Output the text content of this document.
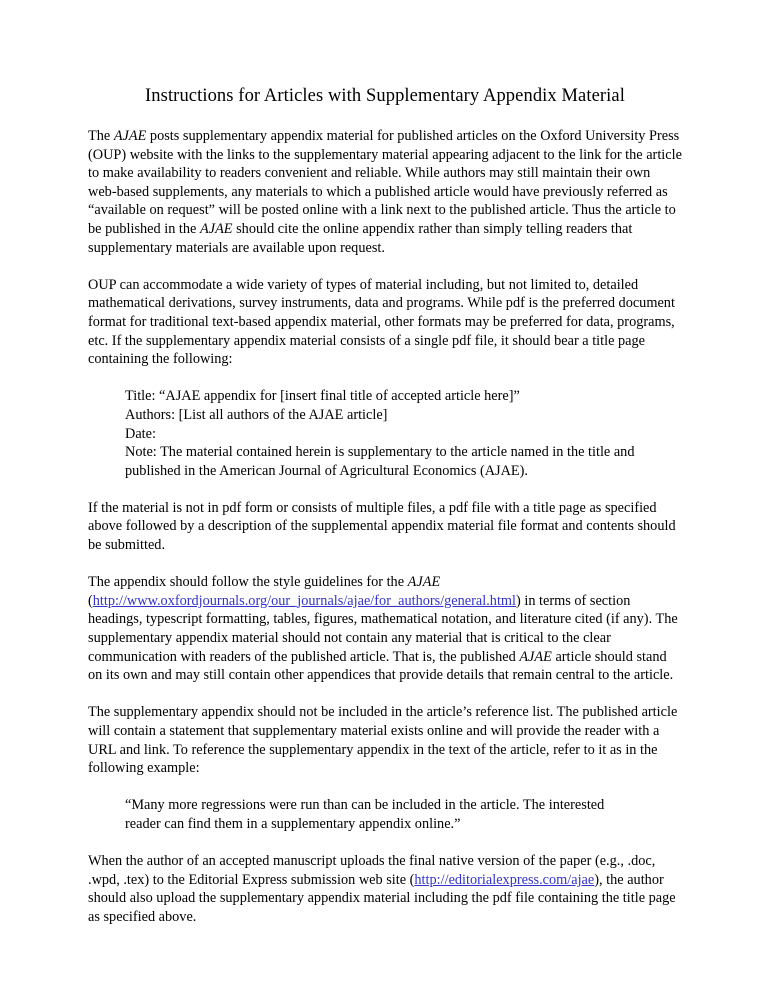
Instructions for Articles with Supplementary Appendix Material

The AJAE posts supplementary appendix material for published articles on the Oxford University Press (OUP) website with the links to the supplementary material appearing adjacent to the link for the article to make availability to readers convenient and reliable. While authors may still maintain their own web-based supplements, any materials to which a published article would have previously referred as “available on request” will be posted online with a link next to the published article. Thus the article to be published in the AJAE should cite the online appendix rather than simply telling readers that supplementary materials are available upon request.

OUP can accommodate a wide variety of types of material including, but not limited to, detailed mathematical derivations, survey instruments, data and programs. While pdf is the preferred document format for traditional text-based appendix material, other formats may be preferred for data, programs, etc. If the supplementary appendix material consists of a single pdf file, it should bear a title page containing the following:

Title: “AJAE appendix for [insert final title of accepted article here]”
Authors: [List all authors of the AJAE article]
Date:
Note: The material contained herein is supplementary to the article named in the title and published in the American Journal of Agricultural Economics (AJAE).

If the material is not in pdf form or consists of multiple files, a pdf file with a title page as specified above followed by a description of the supplemental appendix material file format and contents should be submitted.

The appendix should follow the style guidelines for the AJAE (http://www.oxfordjournals.org/our_journals/ajae/for_authors/general.html) in terms of section headings, typescript formatting, tables, figures, mathematical notation, and literature cited (if any). The supplementary appendix material should not contain any material that is critical to the clear communication with readers of the published article. That is, the published AJAE article should stand on its own and may still contain other appendices that provide details that remain central to the article.

The supplementary appendix should not be included in the article’s reference list. The published article will contain a statement that supplementary material exists online and will provide the reader with a URL and link. To reference the supplementary appendix in the text of the article, refer to it as in the following example:

“Many more regressions were run than can be included in the article. The interested reader can find them in a supplementary appendix online.”

When the author of an accepted manuscript uploads the final native version of the paper (e.g., .doc, .wpd, .tex) to the Editorial Express submission web site (http://editorialexpress.com/ajae), the author should also upload the supplementary appendix material including the pdf file containing the title page as specified above.
